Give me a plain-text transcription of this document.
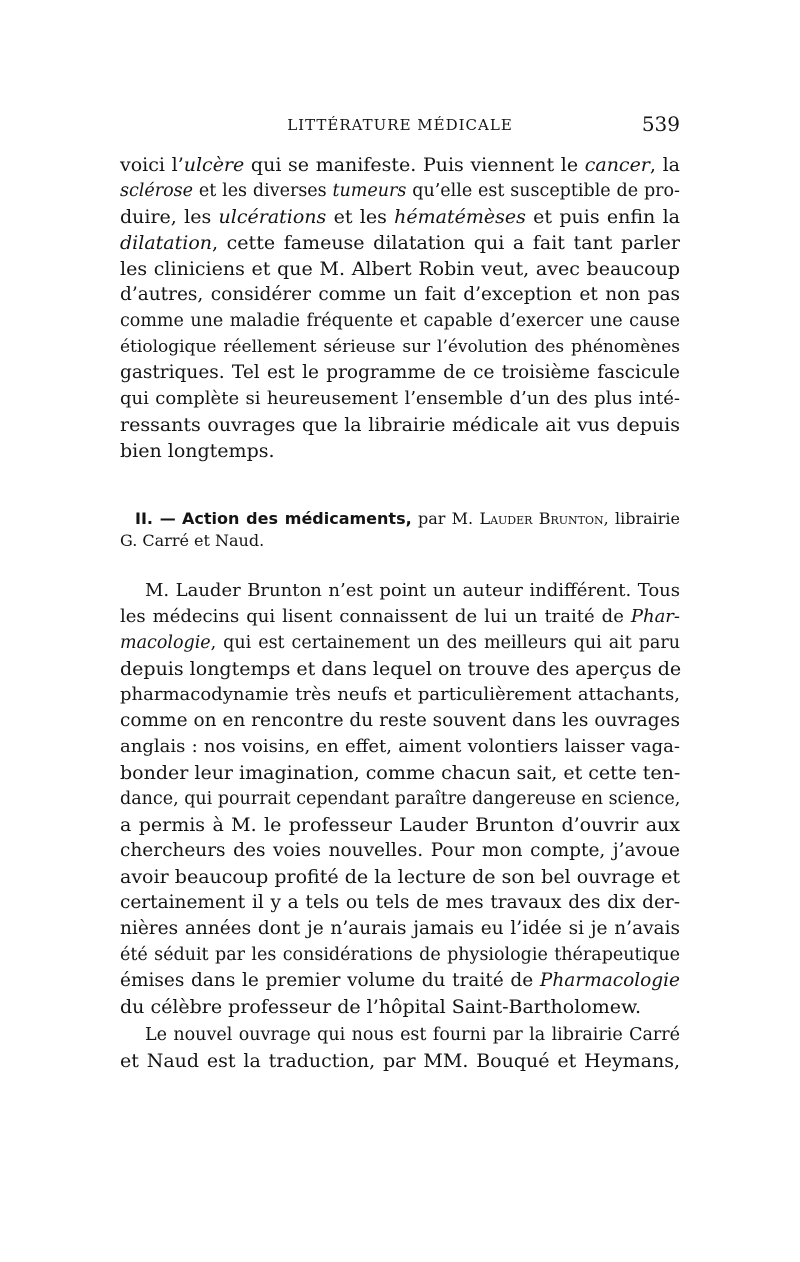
LITTÉRATURE MÉDICALE	539
voici l’ulcère qui se manifeste. Puis viennent le cancer, la
sclérose et les diverses tumeurs qu’elle est susceptible de pro-
duire, les ulcérations et les hématémèses et puis enfin la
dilatation, cette fameuse dilatation qui a fait tant parler
les cliniciens et que M. Albert Robin veut, avec beaucoup
d’autres, considérer comme un fait d’exception et non pas
comme une maladie fréquente et capable d’exercer une cause
étiologique réellement sérieuse sur l’évolution des phénomènes
gastriques. Tel est le programme de ce troisième fascicule
qui complète si heureusement l’ensemble d’un des plus inté-
ressants ouvrages que la librairie médicale ait vus depuis
bien longtemps.
II. — Action des médicaments, par M. Lauder Brunton, librairie
G. Carré et Naud.
M. Lauder Brunton n’est point un auteur indifférent. Tous
les médecins qui lisent connaissent de lui un traité de Phar-
macologie, qui est certainement un des meilleurs qui ait paru
depuis longtemps et dans lequel on trouve des aperçus de
pharmacodynamie très neufs et particulièrement attachants,
comme on en rencontre du reste souvent dans les ouvrages
anglais : nos voisins, en effet, aiment volontiers laisser vaga-
bonder leur imagination, comme chacun sait, et cette ten-
dance, qui pourrait cependant paraître dangereuse en science,
a permis à M. le professeur Lauder Brunton d’ouvrir aux
chercheurs des voies nouvelles. Pour mon compte, j’avoue
avoir beaucoup profité de la lecture de son bel ouvrage et
certainement il y a tels ou tels de mes travaux des dix der-
nières années dont je n’aurais jamais eu l’idée si je n’avais
été séduit par les considérations de physiologie thérapeutique
émises dans le premier volume du traité de Pharmacologie
du célèbre professeur de l’hôpital Saint-Bartholomew.
Le nouvel ouvrage qui nous est fourni par la librairie Carré
et Naud est la traduction, par MM. Bouqué et Heymans,
